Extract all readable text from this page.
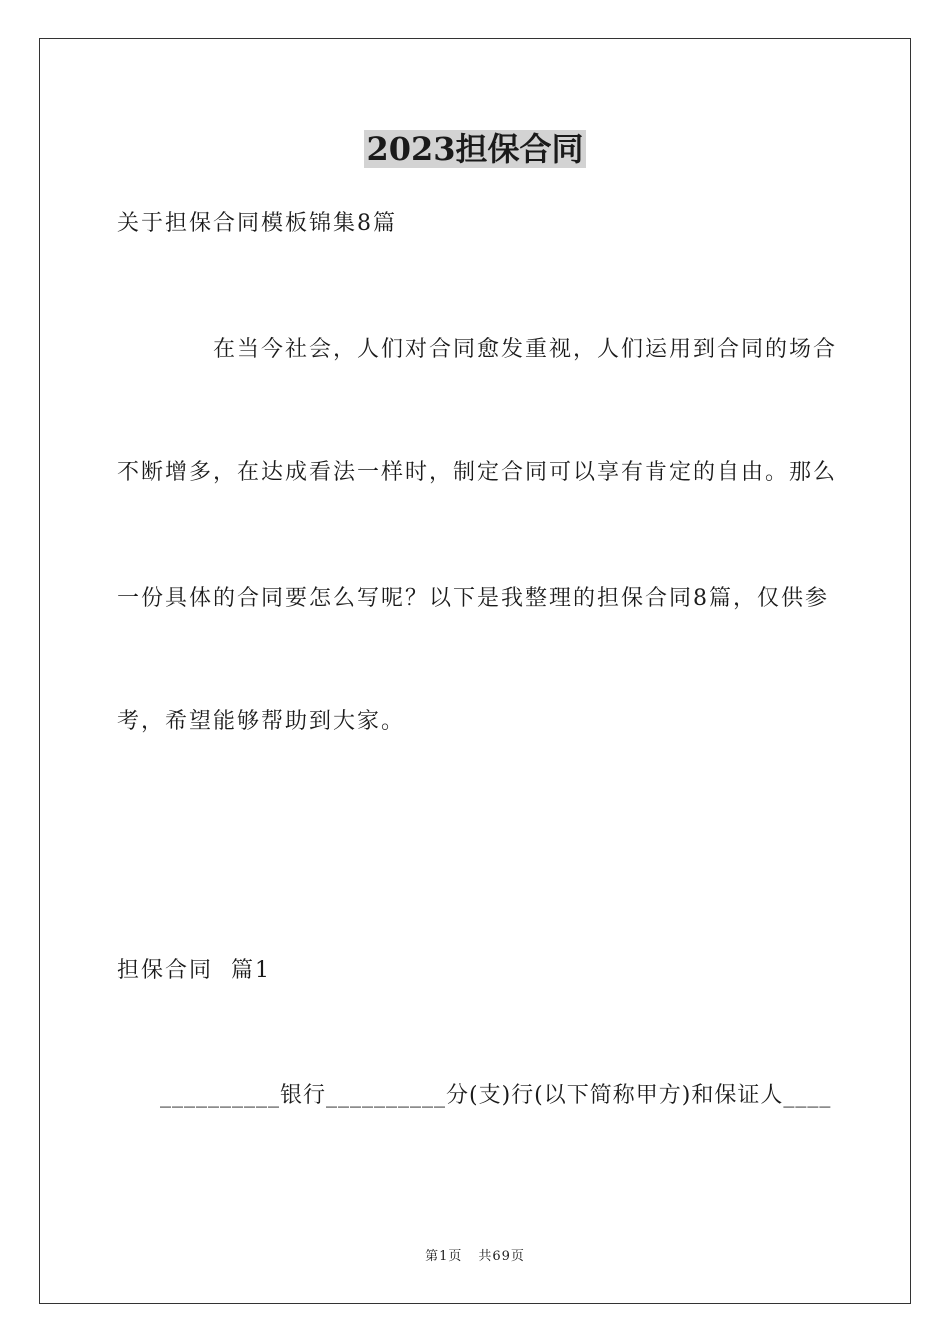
2023担保合同

关于担保合同模板锦集8篇

在当今社会，人们对合同愈发重视，人们运用到合同的场合

不断增多，在达成看法一样时，制定合同可以享有肯定的自由。那么

一份具体的合同要怎么写呢？以下是我整理的担保合同8篇，仅供参

考，希望能够帮助到大家。

担保合同  篇1

__________银行__________分(支)行(以下简称甲方)和保证人____

第1页 共69页
